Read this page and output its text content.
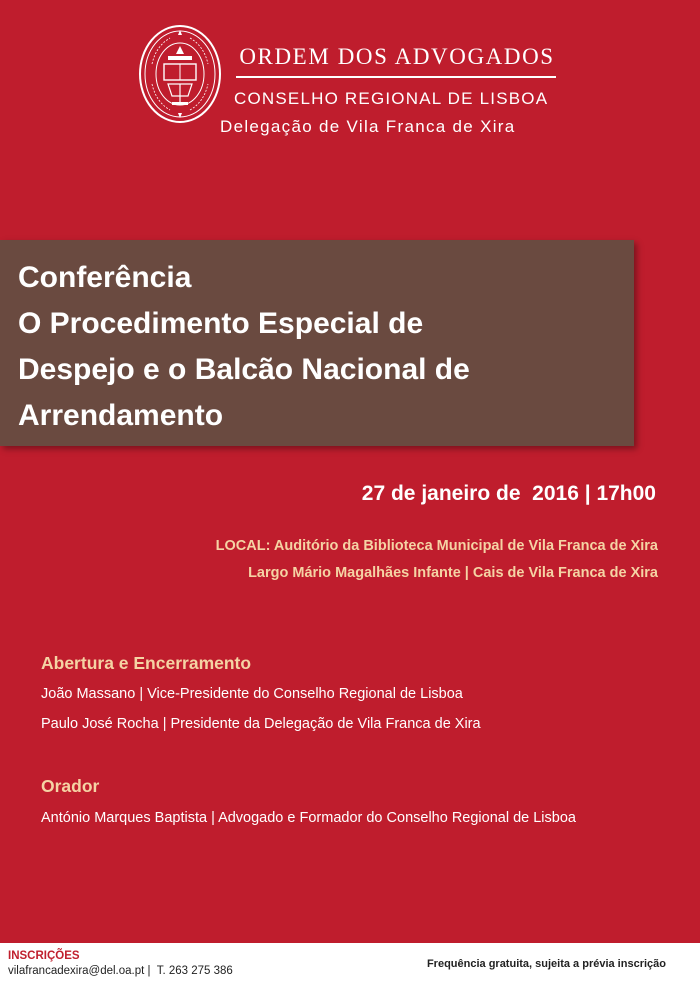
ORDEM DOS ADVOGADOS
CONSELHO REGIONAL DE LISBOA
Delegação de Vila Franca de Xira
Conferência
O Procedimento Especial de
Despejo e o Balcão Nacional de
Arrendamento
27 de janeiro de  2016 | 17h00
LOCAL: Auditório da Biblioteca Municipal de Vila Franca de Xira
Largo Mário Magalhães Infante | Cais de Vila Franca de Xira
Abertura e Encerramento
João Massano | Vice-Presidente do Conselho Regional de Lisboa
Paulo José Rocha | Presidente da Delegação de Vila Franca de Xira
Orador
António Marques Baptista | Advogado e Formador do Conselho Regional de Lisboa
INSCRIÇÕES
vilafrancadexira@del.oa.pt |  T. 263 275 386
Frequência gratuita, sujeita a prévia inscrição
